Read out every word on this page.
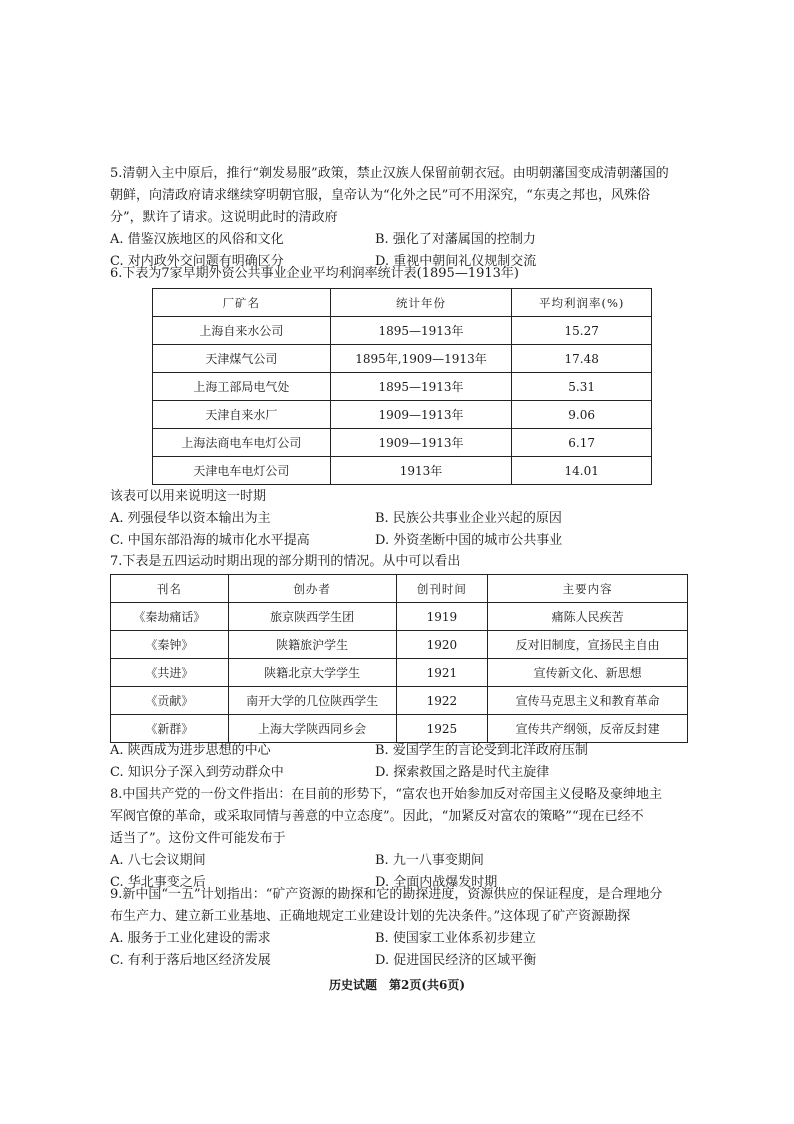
5.清朝入主中原后，推行“剃发易服”政策，禁止汉族人保留前朝衣冠。由明朝藩国变成清朝藩国的

朝鲜，向清政府请求继续穿明朝官服，皇帝认为“化外之民”可不用深究，“东夷之邦也，风殊俗

分”，默许了请求。这说明此时的清政府

A. 借鉴汉族地区的风俗和文化	B. 强化了对藩属国的控制力
C. 对内政外交问题有明确区分	D. 重视中朝间礼仪规制交流

6.下表为7家早期外资公共事业企业平均利润率统计表(1895—1913年)

厂矿名	统计年份	平均利润率(%)
上海自来水公司	1895—1913年	15.27
天津煤气公司	1895年,1909—1913年	17.48
上海工部局电气处	1895—1913年	5.31
天津自来水厂	1909—1913年	9.06
上海法商电车电灯公司	1909—1913年	6.17
天津电车电灯公司	1913年	14.01

该表可以用来说明这一时期

A. 列强侵华以资本输出为主	B. 民族公共事业企业兴起的原因
C. 中国东部沿海的城市化水平提高	D. 外资垄断中国的城市公共事业

7.下表是五四运动时期出现的部分期刊的情况。从中可以看出

刊名	创办者	创刊时间	主要内容
《秦劫痛话》	旅京陕西学生团	1919	痛陈人民疾苦
《秦钟》	陕籍旅沪学生	1920	反对旧制度，宣扬民主自由
《共进》	陕籍北京大学学生	1921	宣传新文化、新思想
《贡献》	南开大学的几位陕西学生	1922	宣传马克思主义和教育革命
《新群》	上海大学陕西同乡会	1925	宣传共产纲领，反帝反封建
A. 陕西成为进步思想的中心	B. 爱国学生的言论受到北洋政府压制
C. 知识分子深入到劳动群众中	D. 探索救国之路是时代主旋律

8.中国共产党的一份文件指出：在目前的形势下，“富农也开始参加反对帝国主义侵略及豪绅地主

军阀官僚的革命，或采取同情与善意的中立态度”。因此，“加紧反对富农的策略”“现在已经不

适当了”。这份文件可能发布于

A. 八七会议期间	B. 九一八事变期间
C. 华北事变之后	D. 全面内战爆发时期

9.新中国“一五”计划指出：“矿产资源的勘探和它的勘探进度，资源供应的保证程度，是合理地分

布生产力、建立新工业基地、正确地规定工业建设计划的先决条件。”这体现了矿产资源勘探

A. 服务于工业化建设的需求	B. 使国家工业体系初步建立
C. 有利于落后地区经济发展	D. 促进国民经济的区域平衡
历史试题　第2页(共6页)
